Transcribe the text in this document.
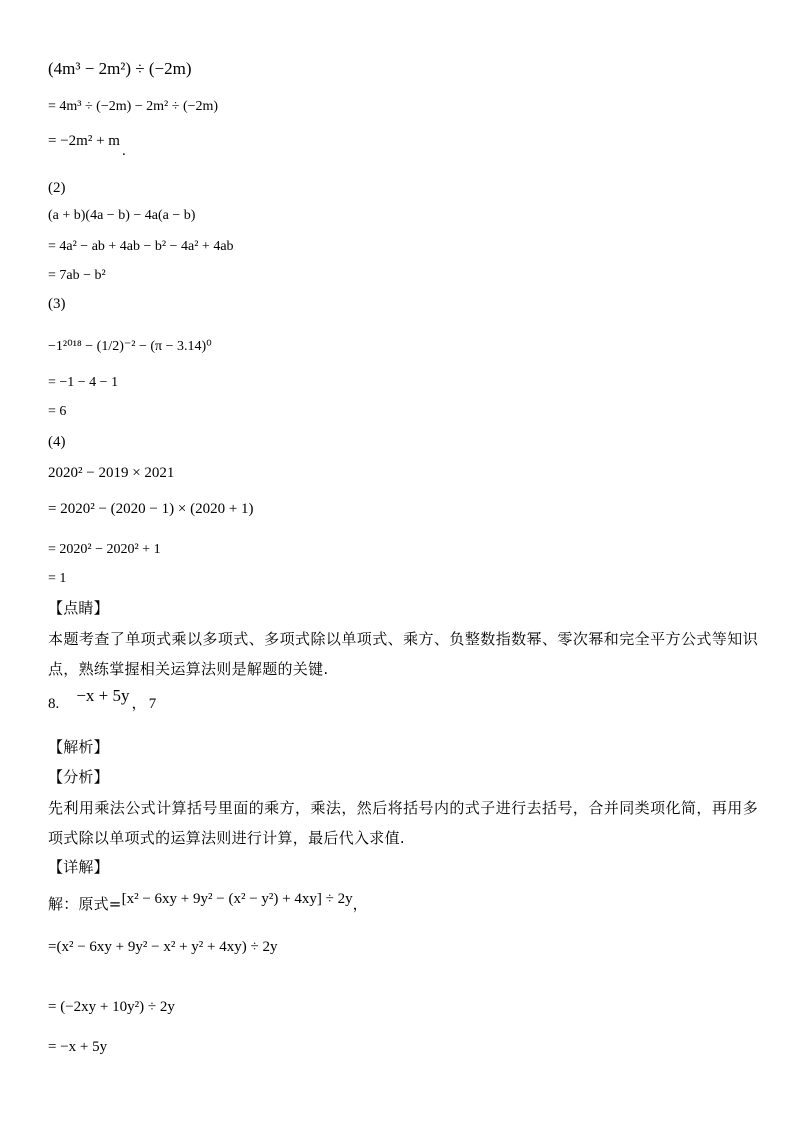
(4m³ − 2m²) ÷ (−2m)
= 4m³ ÷ (−2m) − 2m² ÷ (−2m)
= −2m² + m.
(2)
(a + b)(4a − b) − 4a(a − b)
= 4a² − ab + 4ab − b² − 4a² + 4ab
= 7ab − b²
(3)
−1²⁰¹⁸ − (1/2)⁻² − (π − 3.14)⁰
= −1 − 4 − 1
= 6
(4)
2020² − 2019 × 2021
= 2020² − (2020 − 1) × (2020 + 1)
= 2020² − 2020² + 1
= 1
【点睛】
本题考查了单项式乘以多项式、多项式除以单项式、乘方、负整数指数幂、零次幂和完全平方公式等知识点，熟练掌握相关运算法则是解题的关键.
8. −x + 5y ， 7
【解析】
【分析】
先利用乘法公式计算括号里面的乘方，乘法，然后将括号内的式子进行去括号，合并同类项化简，再用多项式除以单项式的运算法则进行计算，最后代入求值.
【详解】
解：原式=[x² − 6xy + 9y² − (x² − y²) + 4xy] ÷ 2y，
=(x² − 6xy + 9y² − x² + y² + 4xy) ÷ 2y
= (−2xy + 10y²) ÷ 2y
= −x + 5y
